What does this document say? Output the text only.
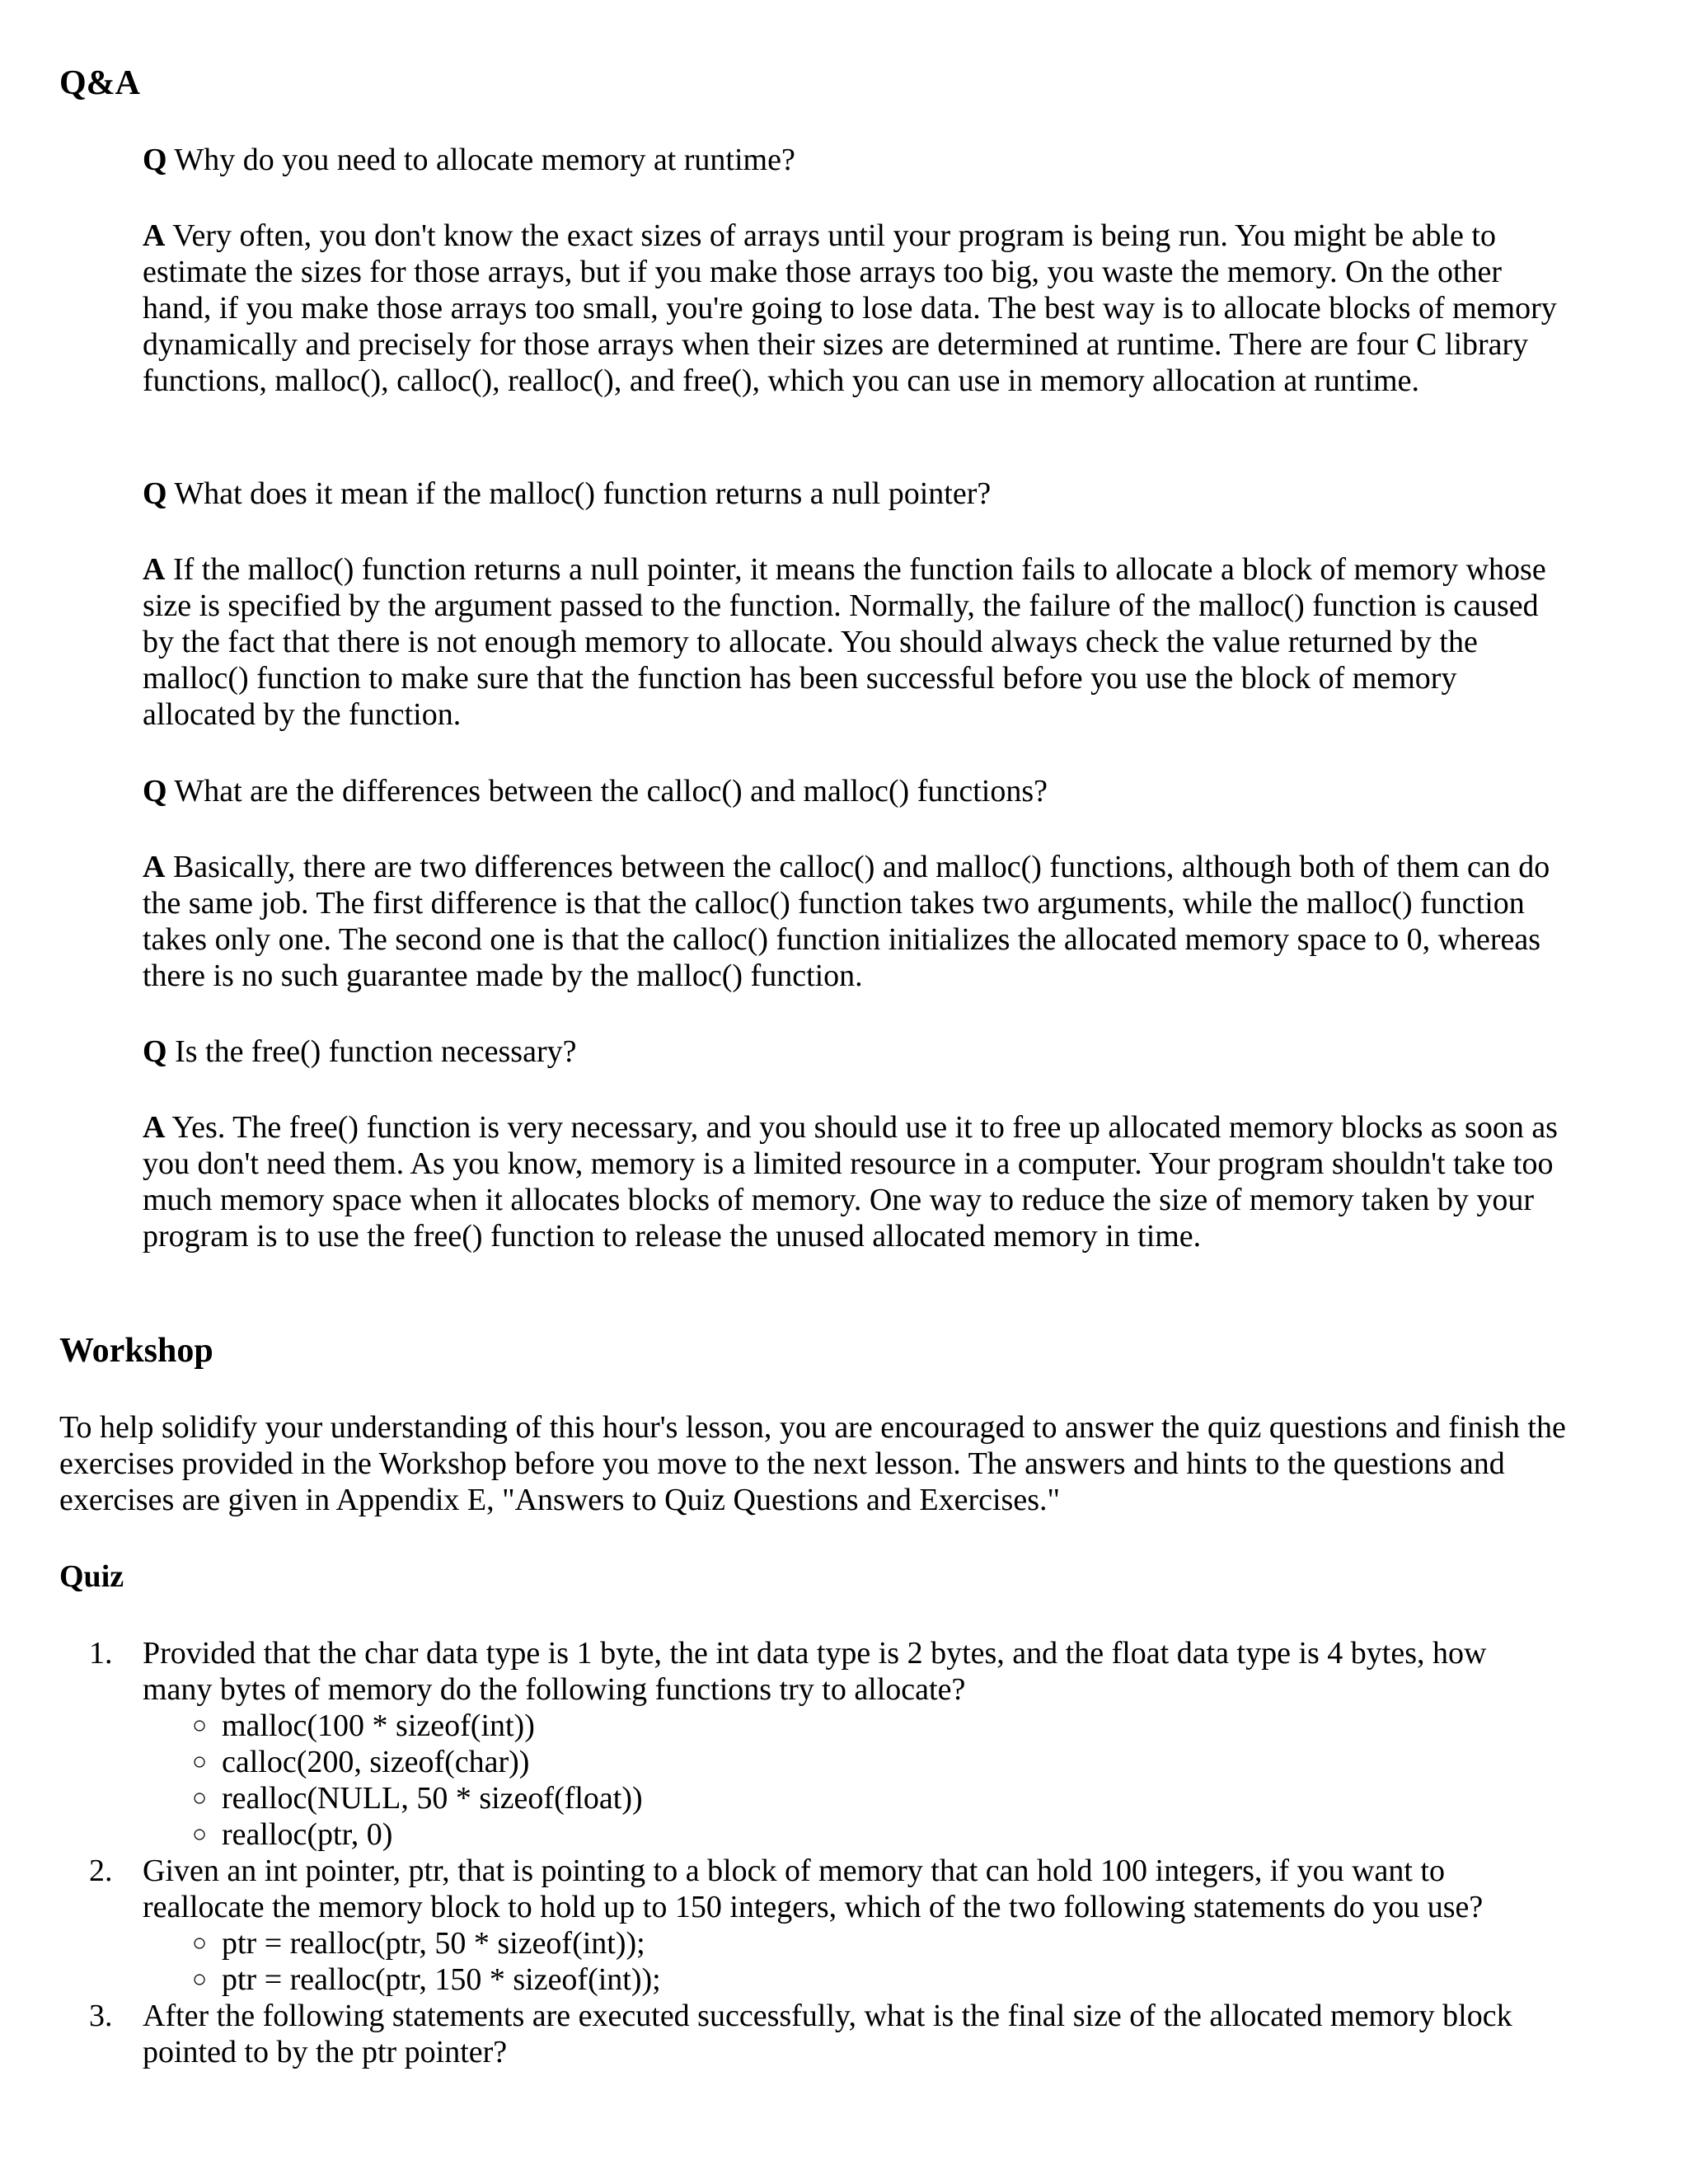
Q&A

Q Why do you need to allocate memory at runtime?

A Very often, you don't know the exact sizes of arrays until your program is being run. You might be able to estimate the sizes for those arrays, but if you make those arrays too big, you waste the memory. On the other hand, if you make those arrays too small, you're going to lose data. The best way is to allocate blocks of memory dynamically and precisely for those arrays when their sizes are determined at runtime. There are four C library functions, malloc(), calloc(), realloc(), and free(), which you can use in memory allocation at runtime.

Q What does it mean if the malloc() function returns a null pointer?

A If the malloc() function returns a null pointer, it means the function fails to allocate a block of memory whose size is specified by the argument passed to the function. Normally, the failure of the malloc() function is caused by the fact that there is not enough memory to allocate. You should always check the value returned by the malloc() function to make sure that the function has been successful before you use the block of memory allocated by the function.

Q What are the differences between the calloc() and malloc() functions?

A Basically, there are two differences between the calloc() and malloc() functions, although both of them can do the same job. The first difference is that the calloc() function takes two arguments, while the malloc() function takes only one. The second one is that the calloc() function initializes the allocated memory space to 0, whereas there is no such guarantee made by the malloc() function.

Q Is the free() function necessary?

A Yes. The free() function is very necessary, and you should use it to free up allocated memory blocks as soon as you don't need them. As you know, memory is a limited resource in a computer. Your program shouldn't take too much memory space when it allocates blocks of memory. One way to reduce the size of memory taken by your program is to use the free() function to release the unused allocated memory in time.

Workshop

To help solidify your understanding of this hour's lesson, you are encouraged to answer the quiz questions and finish the exercises provided in the Workshop before you move to the next lesson. The answers and hints to the questions and exercises are given in Appendix E, "Answers to Quiz Questions and Exercises."

Quiz
1. Provided that the char data type is 1 byte, the int data type is 2 bytes, and the float data type is 4 bytes, how many bytes of memory do the following functions try to allocate?

○ malloc(100 * sizeof(int))
○ calloc(200, sizeof(char))
○ realloc(NULL, 50 * sizeof(float))
○ realloc(ptr, 0)
2. Given an int pointer, ptr, that is pointing to a block of memory that can hold 100 integers, if you want to reallocate the memory block to hold up to 150 integers, which of the two following statements do you use?

○ ptr = realloc(ptr, 50 * sizeof(int));
○ ptr = realloc(ptr, 150 * sizeof(int));
3. After the following statements are executed successfully, what is the final size of the allocated memory block pointed to by the ptr pointer?
